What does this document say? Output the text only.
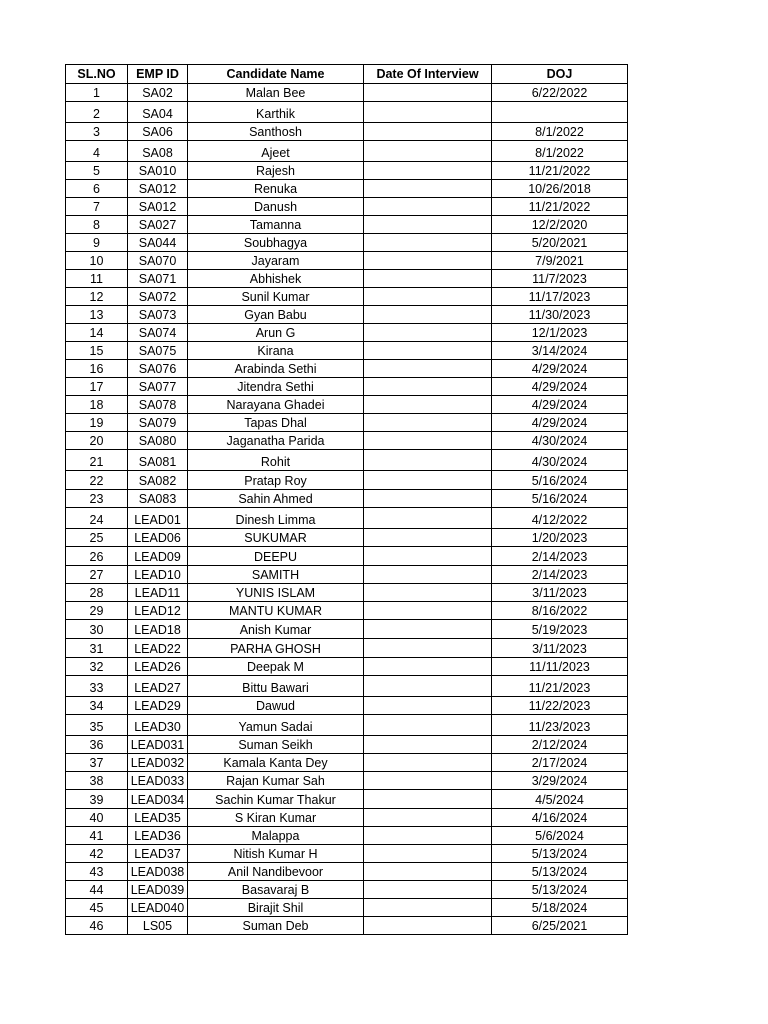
SL.NO	EMP ID	Candidate Name	Date Of Interview	DOJ
1	SA02	Malan Bee		6/22/2022
2	SA04	Karthik		
3	SA06	Santhosh		8/1/2022
4	SA08	Ajeet		8/1/2022
5	SA010	Rajesh		11/21/2022
6	SA012	Renuka		10/26/2018
7	SA012	Danush		11/21/2022
8	SA027	Tamanna		12/2/2020
9	SA044	Soubhagya		5/20/2021
10	SA070	Jayaram		7/9/2021
11	SA071	Abhishek		11/7/2023
12	SA072	Sunil Kumar		11/17/2023
13	SA073	Gyan Babu		11/30/2023
14	SA074	Arun G		12/1/2023
15	SA075	Kirana		3/14/2024
16	SA076	Arabinda Sethi		4/29/2024
17	SA077	Jitendra Sethi		4/29/2024
18	SA078	Narayana Ghadei		4/29/2024
19	SA079	Tapas Dhal		4/29/2024
20	SA080	Jaganatha Parida		4/30/2024
21	SA081	Rohit		4/30/2024
22	SA082	Pratap Roy		5/16/2024
23	SA083	Sahin Ahmed		5/16/2024
24	LEAD01	Dinesh Limma		4/12/2022
25	LEAD06	SUKUMAR		1/20/2023
26	LEAD09	DEEPU		2/14/2023
27	LEAD10	SAMITH		2/14/2023
28	LEAD11	YUNIS ISLAM		3/11/2023
29	LEAD12	MANTU KUMAR		8/16/2022
30	LEAD18	Anish Kumar		5/19/2023
31	LEAD22	PARHA GHOSH		3/11/2023
32	LEAD26	Deepak M		11/11/2023
33	LEAD27	Bittu Bawari		11/21/2023
34	LEAD29	Dawud		11/22/2023
35	LEAD30	Yamun Sadai		11/23/2023
36	LEAD031	Suman Seikh		2/12/2024
37	LEAD032	Kamala Kanta Dey		2/17/2024
38	LEAD033	Rajan Kumar Sah		3/29/2024
39	LEAD034	Sachin Kumar Thakur		4/5/2024
40	LEAD35	S Kiran Kumar		4/16/2024
41	LEAD36	Malappa		5/6/2024
42	LEAD37	Nitish Kumar H		5/13/2024
43	LEAD038	Anil Nandibevoor		5/13/2024
44	LEAD039	Basavaraj B		5/13/2024
45	LEAD040	Birajit Shil		5/18/2024
46	LS05	Suman Deb		6/25/2021
